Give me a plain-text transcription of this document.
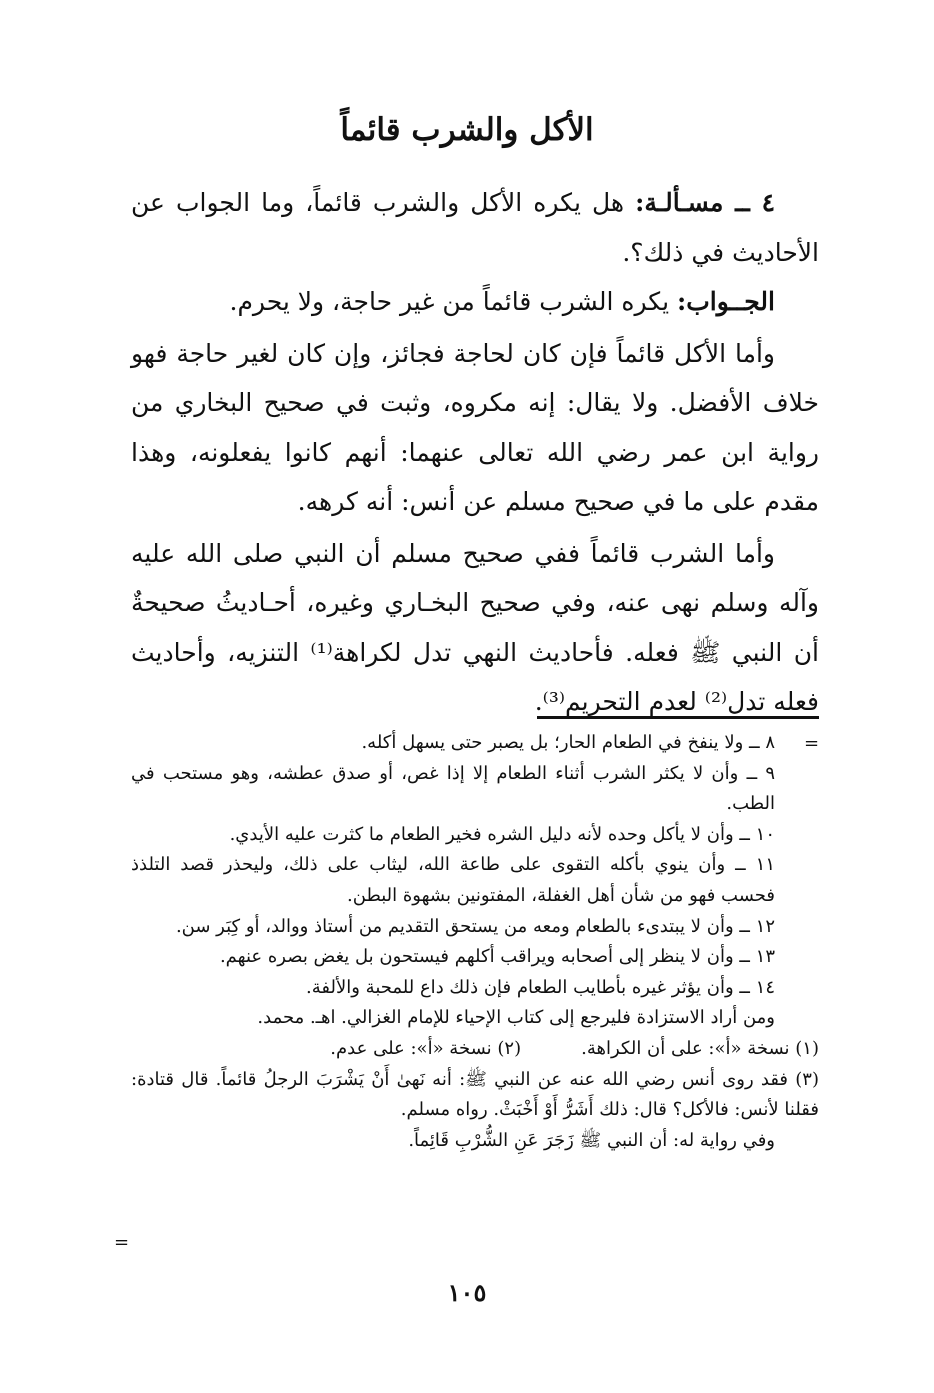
الأكل والشرب قائماً

٤ ــ مسـألـة: هل يكره الأكل والشرب قائماً، وما الجواب عن الأحاديث في ذلك؟.

الجــواب: يكره الشرب قائماً من غير حاجة، ولا يحرم.

وأما الأكل قائماً فإن كان لحاجة فجائز، وإن كان لغير حاجة فهو خلاف الأفضل. ولا يقال: إنه مكروه، وثبت في صحيح البخاري من رواية ابن عمر رضي الله تعالى عنهما: أنهم كانوا يفعلونه، وهذا مقدم على ما في صحيح مسلم عن أنس: أنه كرهه.

وأما الشرب قائماً ففي صحيح مسلم أن النبي صلى الله عليه وآله وسلم نهى عنه، وفي صحيح البخـاري وغيره، أحـاديثُ صحيحةٌ أن النبي ﷺ فعله. فأحاديث النهي تدل لكراهة⁽¹⁾ التنزيه، وأحاديث فعله تدل⁽²⁾ لعدم التحريم⁽³⁾.

=

٨ ــ ولا ينفخ في الطعام الحار؛ بل يصبر حتى يسهل أكله.

٩ ــ وأن لا يكثر الشرب أثناء الطعام إلا إذا غص، أو صدق عطشه، وهو مستحب في الطب.

١٠ ــ وأن لا يأكل وحده لأنه دليل الشره فخير الطعام ما كثرت عليه الأيدي.

١١ ــ وأن ينوي بأكله التقوى على طاعة الله، ليثاب على ذلك، وليحذر قصد التلذذ فحسب فهو من شأن أهل الغفلة، المفتونين بشهوة البطن.

١٢ ــ وأن لا يبتدىء بالطعام ومعه من يستحق التقديم من أستاذ ووالد، أو كِبَر سن.

١٣ ــ وأن لا ينظر إلى أصحابه ويراقب أكلهم فيستحون بل يغض بصره عنهم.

١٤ ــ وأن يؤثر غيره بأطايب الطعام فإن ذلك داع للمحبة والألفة.

ومن أراد الاستزادة فليرجع إلى كتاب الإحياء للإمام الغزالي. اهـ. محمد.

(١) نسخة «أ»: على أن الكراهة.(٢) نسخة «أ»: على عدم.

(٣) فقد روى أنس رضي الله عنه عن النبي ﷺ: أنه نَهىٰ أَنْ يَشْرَبَ الرجلُ قائماً. قال قتادة: فقلنا لأنس: فالأكل؟ قال: ذلك أَشَرُّ أَوْ أَخْبَثْ. رواه مسلم.

وفي رواية له: أن النبي ﷺ زَجَرَ عَنِ الشُّرْبِ قَائِماً.

=
١٠٥
